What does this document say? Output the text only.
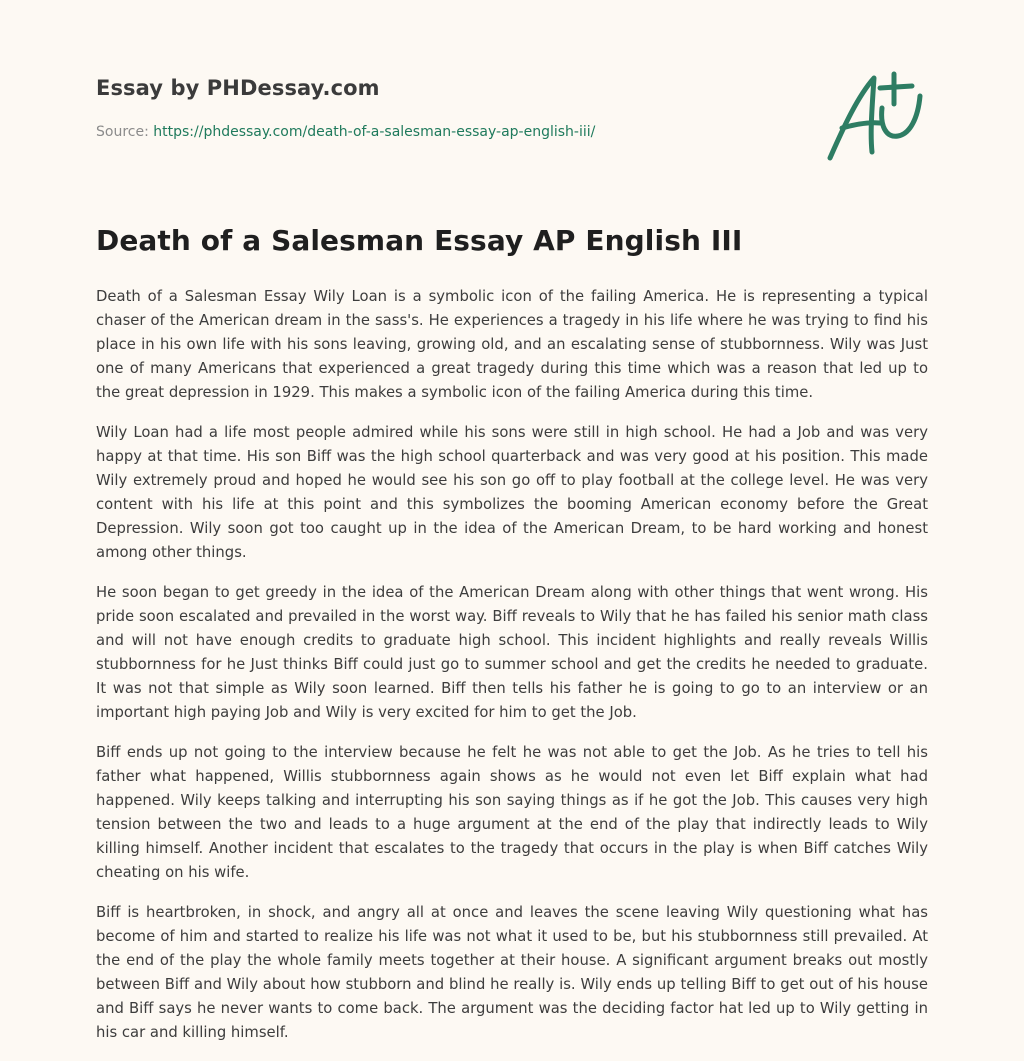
Essay by PHDessay.com
Source: https://phdessay.com/death-of-a-salesman-essay-ap-english-iii/
Death of a Salesman Essay AP English III

Death of a Salesman Essay Wily Loan is a symbolic icon of the failing America. He is representing a typical chaser of the American dream in the sass's. He experiences a tragedy in his life where he was trying to find his place in his own life with his sons leaving, growing old, and an escalating sense of stubbornness. Wily was Just one of many Americans that experienced a great tragedy during this time which was a reason that led up to the great depression in 1929. This makes a symbolic icon of the failing America during this time.

Wily Loan had a life most people admired while his sons were still in high school. He had a Job and was very happy at that time. His son Biff was the high school quarterback and was very good at his position. This made Wily extremely proud and hoped he would see his son go off to play football at the college level. He was very content with his life at this point and this symbolizes the booming American economy before the Great Depression. Wily soon got too caught up in the idea of the American Dream, to be hard working and honest among other things.

He soon began to get greedy in the idea of the American Dream along with other things that went wrong. His pride soon escalated and prevailed in the worst way. Biff reveals to Wily that he has failed his senior math class and will not have enough credits to graduate high school. This incident highlights and really reveals Willis stubbornness for he Just thinks Biff could just go to summer school and get the credits he needed to graduate. It was not that simple as Wily soon learned. Biff then tells his father he is going to go to an interview or an important high paying Job and Wily is very excited for him to get the Job.

Biff ends up not going to the interview because he felt he was not able to get the Job. As he tries to tell his father what happened, Willis stubbornness again shows as he would not even let Biff explain what had happened. Wily keeps talking and interrupting his son saying things as if he got the Job. This causes very high tension between the two and leads to a huge argument at the end of the play that indirectly leads to Wily killing himself. Another incident that escalates to the tragedy that occurs in the play is when Biff catches Wily cheating on his wife.

Biff is heartbroken, in shock, and angry all at once and leaves the scene leaving Wily questioning what has become of him and started to realize his life was not what it used to be, but his stubbornness still prevailed. At the end of the play the whole family meets together at their house. A significant argument breaks out mostly between Biff and Wily about how stubborn and blind he really is. Wily ends up telling Biff to get out of his house and Biff says he never wants to come back. The argument was the deciding factor hat led up to Wily getting in his car and killing himself.
